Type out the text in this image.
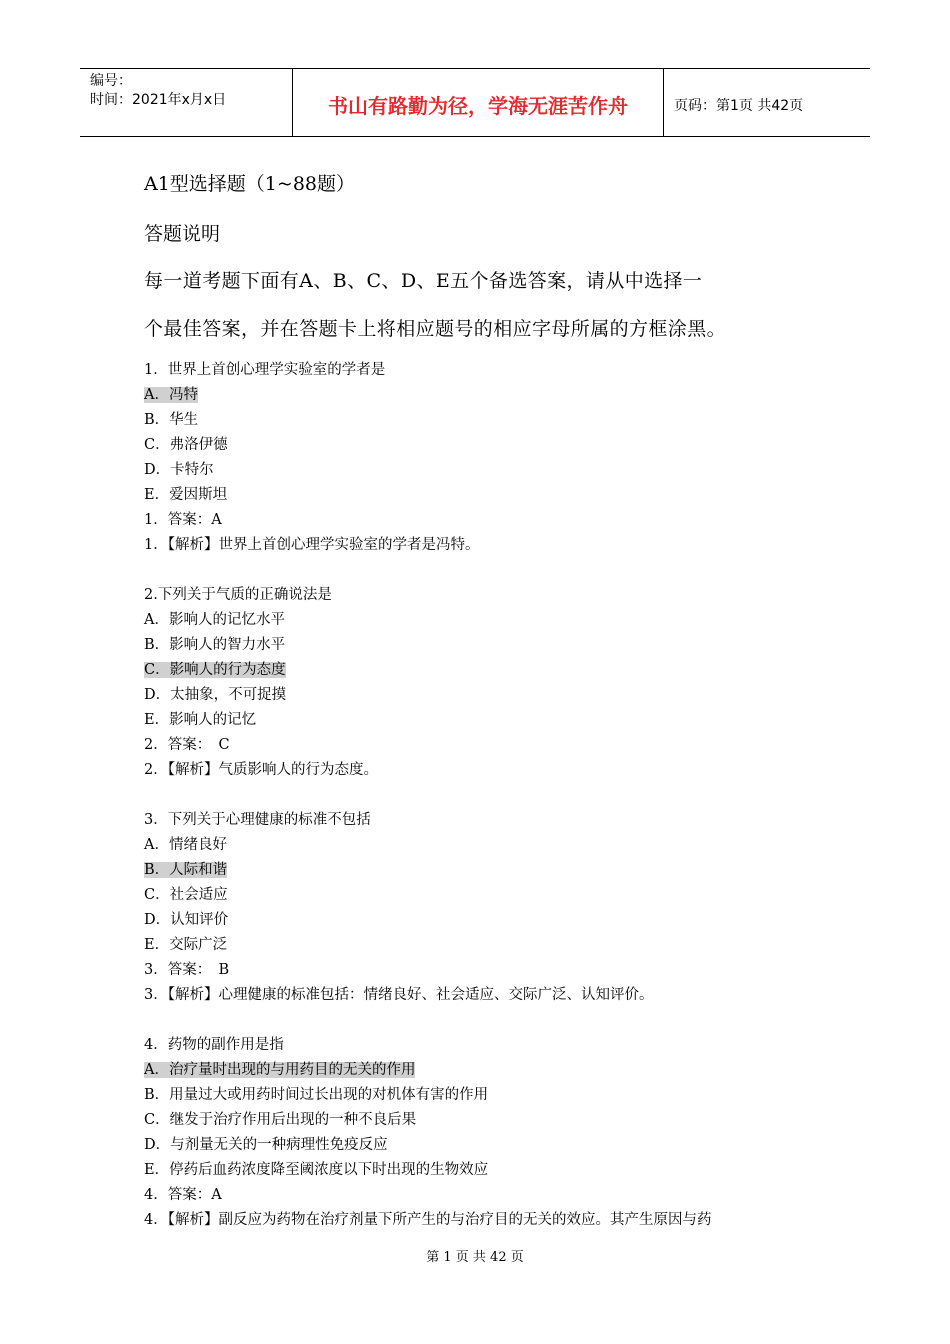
编号：
时间：2021年x月x日	书山有路勤为径，学海无涯苦作舟	页码：第1页 共42页
A1型选择题（1~88题）
答题说明
每一道考题下面有A、B、C、D、E五个备选答案，请从中选择一
个最佳答案，并在答题卡上将相应题号的相应字母所属的方框涂黑。
1．世界上首创心理学实验室的学者是
A．冯特
B．华生
C．弗洛伊德
D．卡特尔
E．爱因斯坦
1．答案：A
1．【解析】世界上首创心理学实验室的学者是冯特。
2.下列关于气质的正确说法是
A．影响人的记忆水平
B．影响人的智力水平
C．影响人的行为态度
D．太抽象，不可捉摸
E．影响人的记忆
2．答案：　C
2．【解析】气质影响人的行为态度。
3．下列关于心理健康的标准不包括
A．情绪良好
B．人际和谐
C．社会适应
D．认知评价
E．交际广泛
3．答案：　B
3．【解析】心理健康的标准包括：情绪良好、社会适应、交际广泛、认知评价。
4．药物的副作用是指
A．治疗量时出现的与用药目的无关的作用
B．用量过大或用药时间过长出现的对机体有害的作用
C．继发于治疗作用后出现的一种不良后果
D．与剂量无关的一种病理性免疫反应
E．停药后血药浓度降至阈浓度以下时出现的生物效应
4．答案：A
4．【解析】副反应为药物在治疗剂量下所产生的与治疗目的无关的效应。其产生原因与药
第 1 页 共 42 页
